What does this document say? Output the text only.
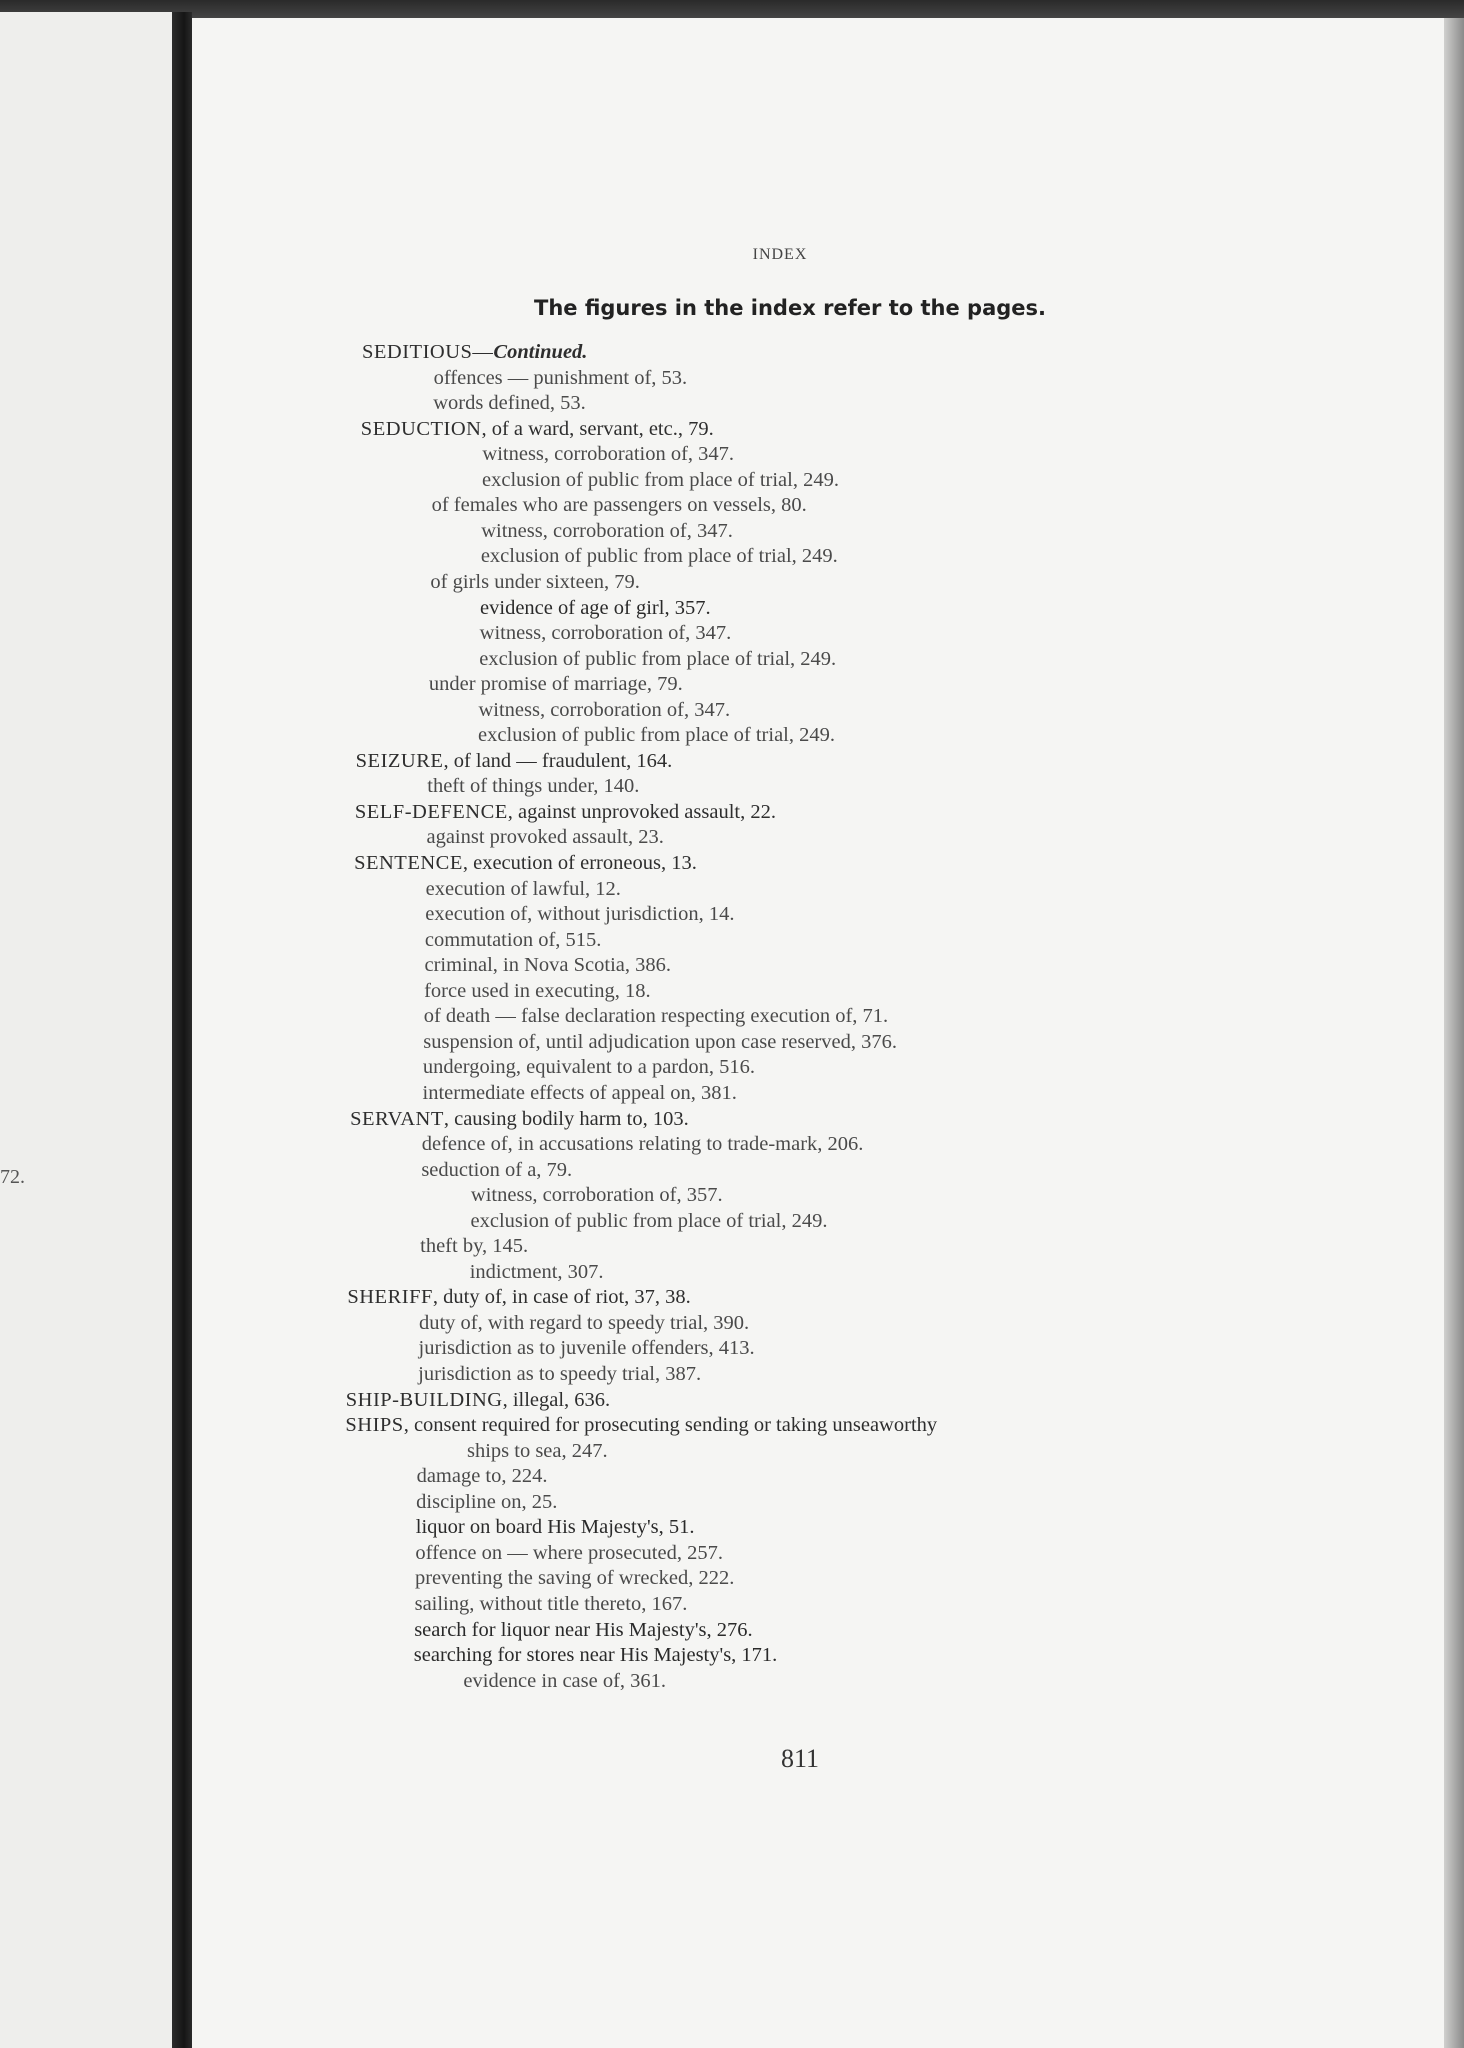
72.
INDEX
The figures in the index refer to the pages.
SEDITIOUS—Continued.
offences — punishment of, 53.
words defined, 53.
SEDUCTION, of a ward, servant, etc., 79.
witness, corroboration of, 347.
exclusion of public from place of trial, 249.
of females who are passengers on vessels, 80.
witness, corroboration of, 347.
exclusion of public from place of trial, 249.
of girls under sixteen, 79.
evidence of age of girl, 357.
witness, corroboration of, 347.
exclusion of public from place of trial, 249.
under promise of marriage, 79.
witness, corroboration of, 347.
exclusion of public from place of trial, 249.
SEIZURE, of land — fraudulent, 164.
theft of things under, 140.
SELF-DEFENCE, against unprovoked assault, 22.
against provoked assault, 23.
SENTENCE, execution of erroneous, 13.
execution of lawful, 12.
execution of, without jurisdiction, 14.
commutation of, 515.
criminal, in Nova Scotia, 386.
force used in executing, 18.
of death — false declaration respecting execution of, 71.
suspension of, until adjudication upon case reserved, 376.
undergoing, equivalent to a pardon, 516.
intermediate effects of appeal on, 381.
SERVANT, causing bodily harm to, 103.
defence of, in accusations relating to trade-mark, 206.
seduction of a, 79.
witness, corroboration of, 357.
exclusion of public from place of trial, 249.
theft by, 145.
indictment, 307.
SHERIFF, duty of, in case of riot, 37, 38.
duty of, with regard to speedy trial, 390.
jurisdiction as to juvenile offenders, 413.
jurisdiction as to speedy trial, 387.
SHIP-BUILDING, illegal, 636.
SHIPS, consent required for prosecuting sending or taking unseaworthy
ships to sea, 247.
damage to, 224.
discipline on, 25.
liquor on board His Majesty's, 51.
offence on — where prosecuted, 257.
preventing the saving of wrecked, 222.
sailing, without title thereto, 167.
search for liquor near His Majesty's, 276.
searching for stores near His Majesty's, 171.
evidence in case of, 361.
811
